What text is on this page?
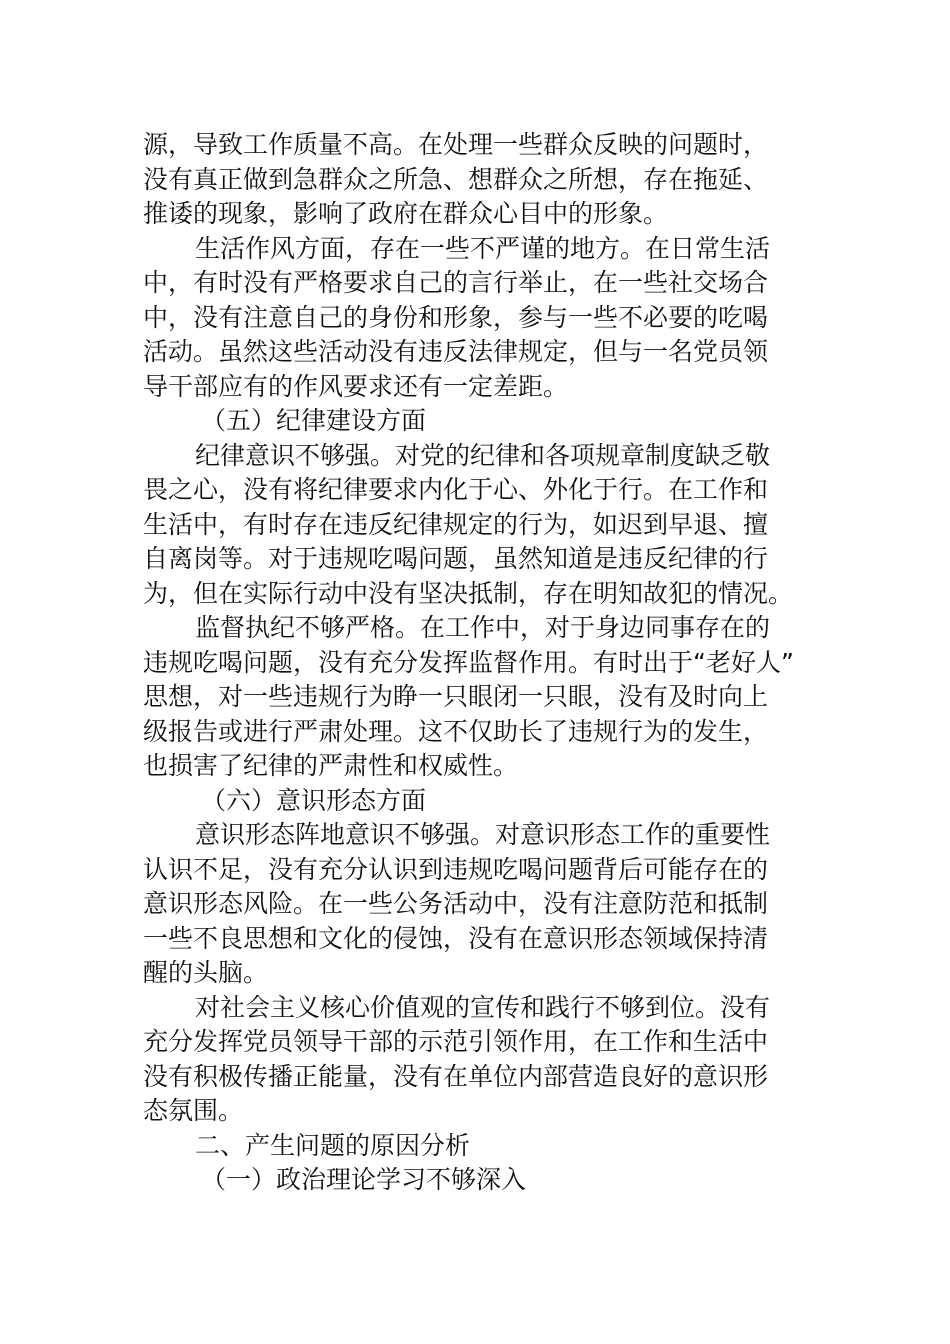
源，导致工作质量不高。在处理一些群众反映的问题时，
没有真正做到急群众之所急、想群众之所想，存在拖延、
推诿的现象，影响了政府在群众心目中的形象。
生活作风方面，存在一些不严谨的地方。在日常生活
中，有时没有严格要求自己的言行举止，在一些社交场合
中，没有注意自己的身份和形象，参与一些不必要的吃喝
活动。虽然这些活动没有违反法律规定，但与一名党员领
导干部应有的作风要求还有一定差距。
（五）纪律建设方面
纪律意识不够强。对党的纪律和各项规章制度缺乏敬
畏之心，没有将纪律要求内化于心、外化于行。在工作和
生活中，有时存在违反纪律规定的行为，如迟到早退、擅
自离岗等。对于违规吃喝问题，虽然知道是违反纪律的行
为，但在实际行动中没有坚决抵制，存在明知故犯的情况。
监督执纪不够严格。在工作中，对于身边同事存在的
违规吃喝问题，没有充分发挥监督作用。有时出于“老好人”
思想，对一些违规行为睁一只眼闭一只眼，没有及时向上
级报告或进行严肃处理。这不仅助长了违规行为的发生，
也损害了纪律的严肃性和权威性。
（六）意识形态方面
意识形态阵地意识不够强。对意识形态工作的重要性
认识不足，没有充分认识到违规吃喝问题背后可能存在的
意识形态风险。在一些公务活动中，没有注意防范和抵制
一些不良思想和文化的侵蚀，没有在意识形态领域保持清
醒的头脑。
对社会主义核心价值观的宣传和践行不够到位。没有
充分发挥党员领导干部的示范引领作用，在工作和生活中
没有积极传播正能量，没有在单位内部营造良好的意识形
态氛围。
二、产生问题的原因分析
（一）政治理论学习不够深入
